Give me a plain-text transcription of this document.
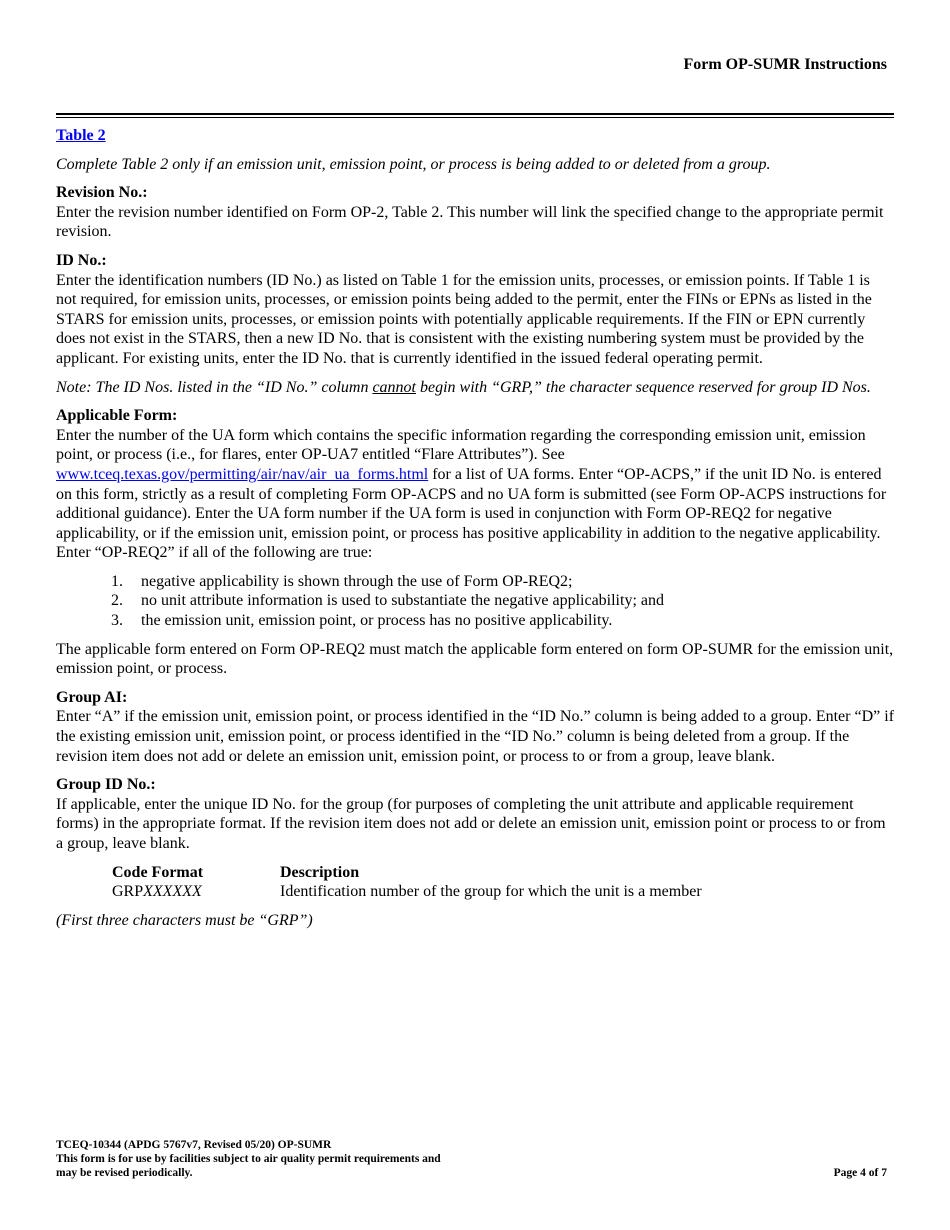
Form OP-SUMR Instructions
Table 2

Complete Table 2 only if an emission unit, emission point, or process is being added to or deleted from a group.

Revision No.:
Enter the revision number identified on Form OP-2, Table 2. This number will link the specified change to the appropriate permit revision.

ID No.:
Enter the identification numbers (ID No.) as listed on Table 1 for the emission units, processes, or emission points. If Table 1 is not required, for emission units, processes, or emission points being added to the permit, enter the FINs or EPNs as listed in the STARS for emission units, processes, or emission points with potentially applicable requirements. If the FIN or EPN currently does not exist in the STARS, then a new ID No. that is consistent with the existing numbering system must be provided by the applicant. For existing units, enter the ID No. that is currently identified in the issued federal operating permit.

Note: The ID Nos. listed in the “ID No.” column cannot begin with “GRP,” the character sequence reserved for group ID Nos.

Applicable Form:
Enter the number of the UA form which contains the specific information regarding the corresponding emission unit, emission point, or process (i.e., for flares, enter OP-UA7 entitled “Flare Attributes”). See www.tceq.texas.gov/permitting/air/nav/air_ua_forms.html for a list of UA forms. Enter “OP-ACPS,” if the unit ID No. is entered on this form, strictly as a result of completing Form OP-ACPS and no UA form is submitted (see Form OP-ACPS instructions for additional guidance). Enter the UA form number if the UA form is used in conjunction with Form OP-REQ2 for negative applicability, or if the emission unit, emission point, or process has positive applicability in addition to the negative applicability. Enter “OP-REQ2” if all of the following are true:

1.	negative applicability is shown through the use of Form OP-REQ2;
2.	no unit attribute information is used to substantiate the negative applicability; and
3.	the emission unit, emission point, or process has no positive applicability.

The applicable form entered on Form OP-REQ2 must match the applicable form entered on form OP-SUMR for the emission unit, emission point, or process.

Group AI:
Enter “A” if the emission unit, emission point, or process identified in the “ID No.” column is being added to a group. Enter “D” if the existing emission unit, emission point, or process identified in the “ID No.” column is being deleted from a group. If the revision item does not add or delete an emission unit, emission point, or process to or from a group, leave blank.

Group ID No.:
If applicable, enter the unique ID No. for the group (for purposes of completing the unit attribute and applicable requirement forms) in the appropriate format. If the revision item does not add or delete an emission unit, emission point or process to or from a group, leave blank.

Code Format	Description
GRPXXXXXX	Identification number of the group for which the unit is a member

(First three characters must be “GRP”)

TCEQ-10344 (APDG 5767v7, Revised 05/20) OP-SUMR
This form is for use by facilities subject to air quality permit requirements and
may be revised periodically.	Page 4 of 7
